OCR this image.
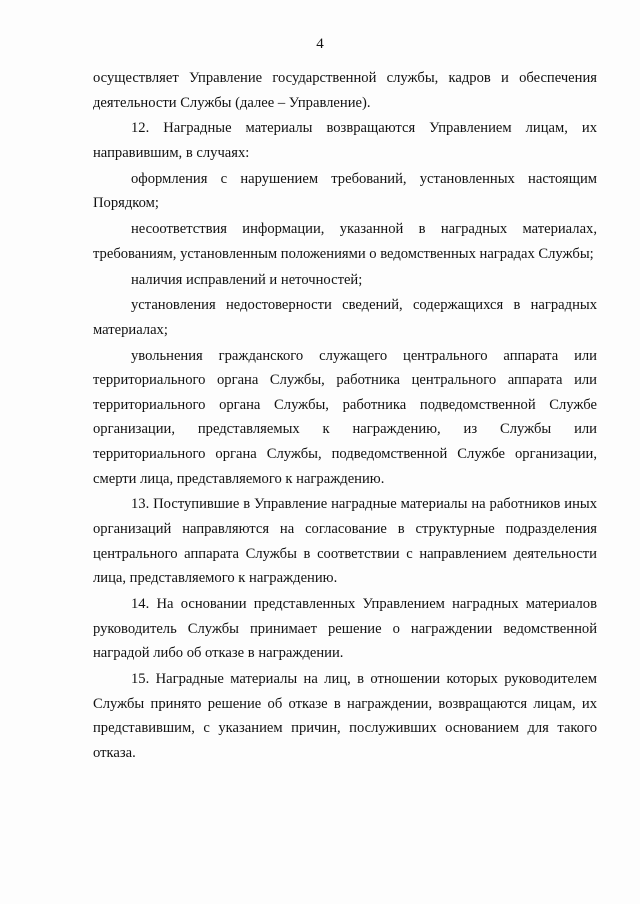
4

осуществляет Управление государственной службы, кадров и обеспечения деятельности Службы (далее – Управление).

12. Наградные материалы возвращаются Управлением лицам, их направившим, в случаях:

оформления с нарушением требований, установленных настоящим Порядком;

несоответствия информации, указанной в наградных материалах, требованиям, установленным положениями о ведомственных наградах Службы;

наличия исправлений и неточностей;

установления недостоверности сведений, содержащихся в наградных материалах;

увольнения гражданского служащего центрального аппарата или территориального органа Службы, работника центрального аппарата или территориального органа Службы, работника подведомственной Службе организации, представляемых к награждению, из Службы или территориального органа Службы, подведомственной Службе организации, смерти лица, представляемого к награждению.

13. Поступившие в Управление наградные материалы на работников иных организаций направляются на согласование в структурные подразделения центрального аппарата Службы в соответствии с направлением деятельности лица, представляемого к награждению.

14. На основании представленных Управлением наградных материалов руководитель Службы принимает решение о награждении ведомственной наградой либо об отказе в награждении.

15. Наградные материалы на лиц, в отношении которых руководителем Службы принято решение об отказе в награждении, возвращаются лицам, их представившим, с указанием причин, послуживших основанием для такого отказа.
